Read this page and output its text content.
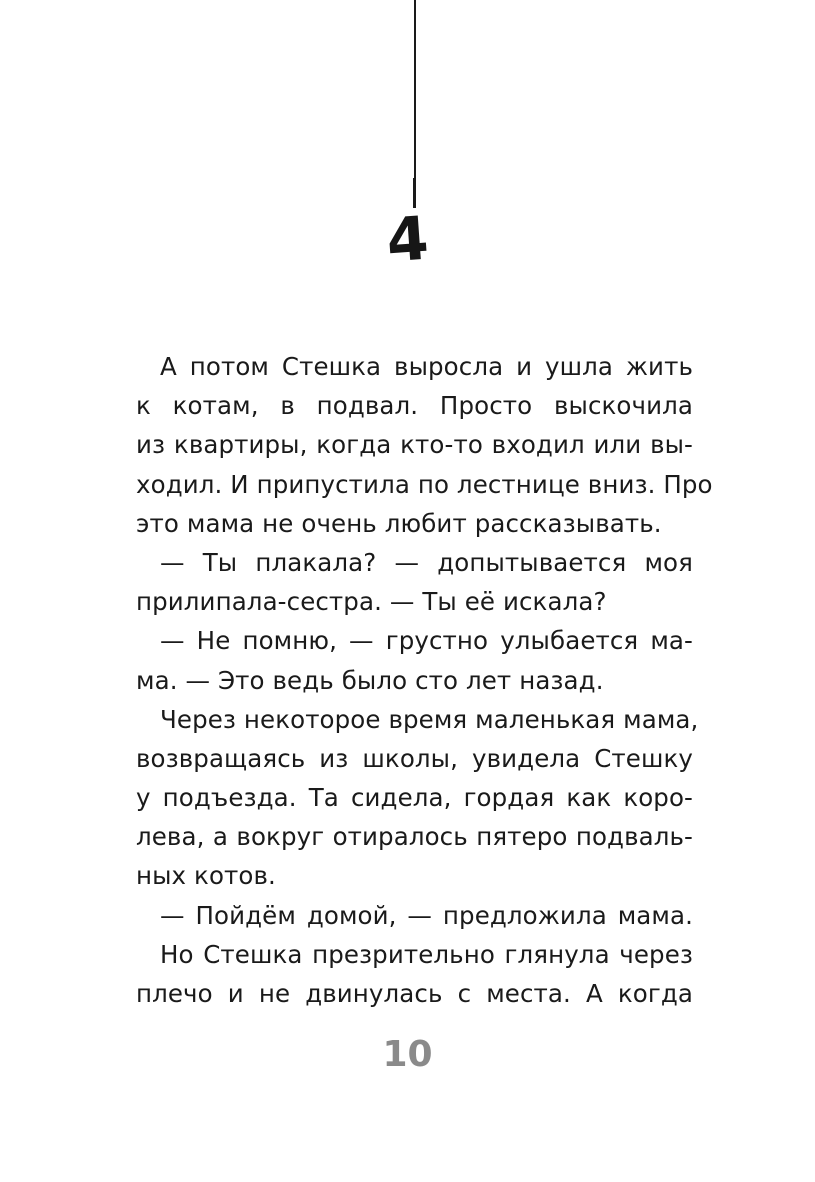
4
А потом Стешка выросла и ушла жить
к котам, в подвал. Просто выскочила
из квартиры, когда кто-то входил или вы-
ходил. И припустила по лестнице вниз. Про
это мама не очень любит рассказывать.
— Ты плакала? — допытывается моя
прилипала-сестра. — Ты её искала?
— Не помню, — грустно улыбается ма-
ма. — Это ведь было сто лет назад.
Через некоторое время маленькая мама,
возвращаясь из школы, увидела Стешку
у подъезда. Та сидела, гордая как коро-
лева, а вокруг отиралось пятеро подваль-
ных котов.
— Пойдём домой, — предложила мама.
Но Стешка презрительно глянула через
плечо и не двинулась с места. А когда
10
